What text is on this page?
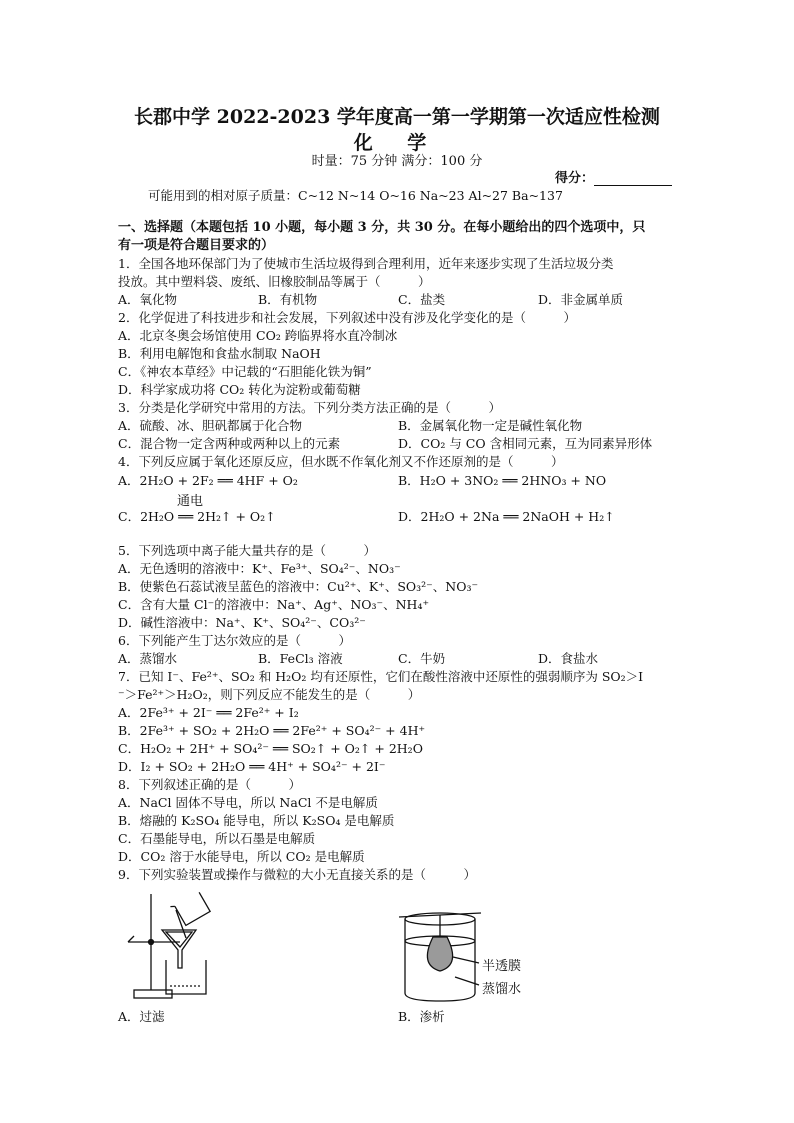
长郡中学 2022-2023 学年度高一第一学期第一次适应性检测
化 学
时量：75 分钟 满分：100 分
得分：
可能用到的相对原子质量：C~12 N~14 O~16 Na~23 Al~27 Ba~137
一、选择题（本题包括 10 小题，每小题 3 分，共 30 分。在每小题给出的四个选项中，只
有一项是符合题目要求的）
1．全国各地环保部门为了使城市生活垃圾得到合理利用，近年来逐步实现了生活垃圾分类
投放。其中塑料袋、废纸、旧橡胶制品等属于（　　　）
A．氧化物	B．有机物	C．盐类	D．非金属单质
2．化学促进了科技进步和社会发展，下列叙述中没有涉及化学变化的是（　　　）
A．北京冬奥会场馆使用 CO₂ 跨临界将水直冷制冰
B．利用电解饱和食盐水制取 NaOH
C．《神农本草经》中记载的“石胆能化铁为铜”
D．科学家成功将 CO₂ 转化为淀粉或葡萄糖
3．分类是化学研究中常用的方法。下列分类方法正确的是（　　　）
A．硫酸、冰、胆矾都属于化合物	B．金属氧化物一定是碱性氧化物
C．混合物一定含两种或两种以上的元素	D．CO₂ 与 CO 含相同元素，互为同素异形体
4．下列反应属于氧化还原反应，但水既不作氧化剂又不作还原剂的是（　　　）
A．2H₂O + 2F₂ ══ 4HF + O₂	B．H₂O + 3NO₂ ══ 2HNO₃ + NO
通电
C．2H₂O ══ 2H₂↑ + O₂↑	D．2H₂O + 2Na ══ 2NaOH + H₂↑
5．下列选项中离子能大量共存的是（　　　）
A．无色透明的溶液中：K⁺、Fe³⁺、SO₄²⁻、NO₃⁻
B．使紫色石蕊试液呈蓝色的溶液中：Cu²⁺、K⁺、SO₃²⁻、NO₃⁻
C．含有大量 Cl⁻的溶液中：Na⁺、Ag⁺、NO₃⁻、NH₄⁺
D．碱性溶液中：Na⁺、K⁺、SO₄²⁻、CO₃²⁻
6．下列能产生丁达尔效应的是（　　　）
A．蒸馏水	B．FeCl₃ 溶液	C．牛奶	D．食盐水
7．已知 I⁻、Fe²⁺、SO₂ 和 H₂O₂ 均有还原性，它们在酸性溶液中还原性的强弱顺序为 SO₂＞I
⁻＞Fe²⁺＞H₂O₂，则下列反应不能发生的是（　　　）
A．2Fe³⁺ + 2I⁻ ══ 2Fe²⁺ + I₂
B．2Fe³⁺ + SO₂ + 2H₂O ══ 2Fe²⁺ + SO₄²⁻ + 4H⁺
C．H₂O₂ + 2H⁺ + SO₄²⁻ ══ SO₂↑ + O₂↑ + 2H₂O
D．I₂ + SO₂ + 2H₂O ══ 4H⁺ + SO₄²⁻ + 2I⁻
8．下列叙述正确的是（　　　）
A．NaCl 固体不导电，所以 NaCl 不是电解质
B．熔融的 K₂SO₄ 能导电，所以 K₂SO₄ 是电解质
C．石墨能导电，所以石墨是电解质
D．CO₂ 溶于水能导电，所以 CO₂ 是电解质
9．下列实验装置或操作与微粒的大小无直接关系的是（　　　）
A．过滤
半透膜
蒸馏水
B．渗析
